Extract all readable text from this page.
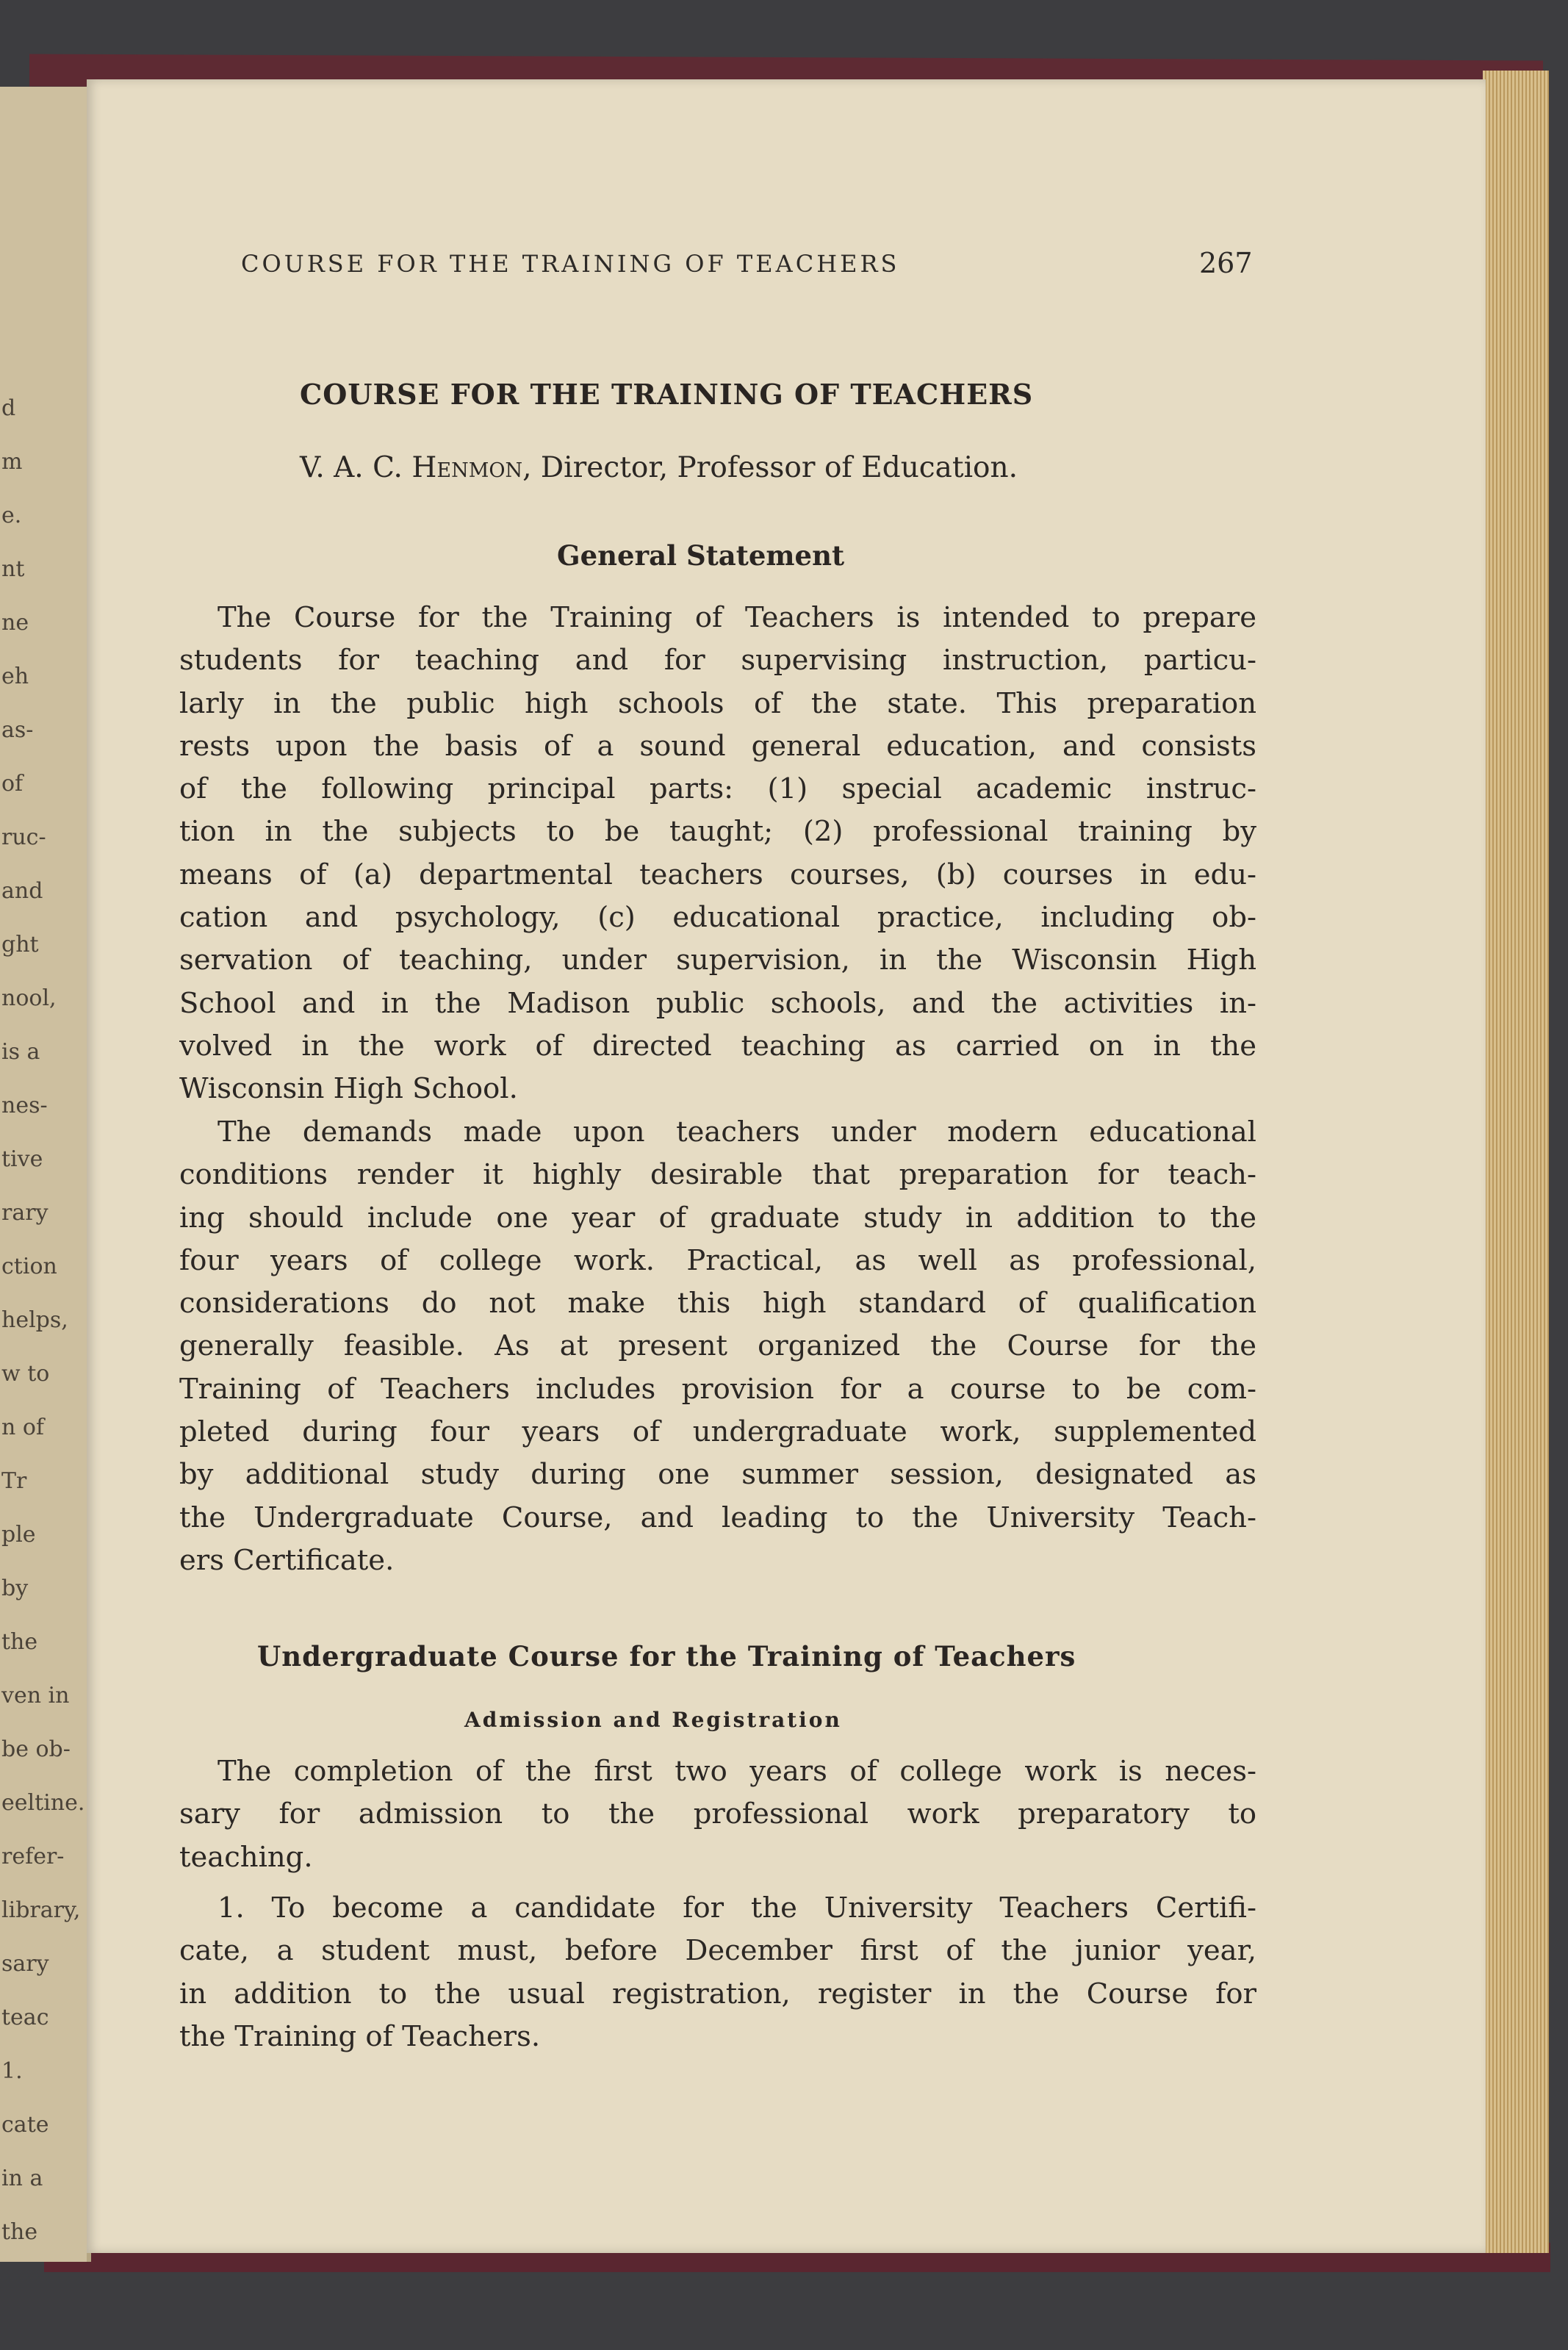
d
m
e.
nt
ne
eh
as-
of
ruc-
and
ght
nool,
is a
nes-
tive
rary
ction
helps,
w to
n of
Tr
ple
by
the
ven in
be ob-
eeltine.
refer-
library,
sary
teac
1.
cate
in a
the
COURSE FOR THE TRAINING OF TEACHERS	267
COURSE FOR THE TRAINING OF TEACHERS
V. A. C. Henmon, Director, Professor of Education.
General Statement
The Course for the Training of Teachers is intended to prepare
students for teaching and for supervising instruction, particu-
larly in the public high schools of the state. This preparation
rests upon the basis of a sound general education, and consists
of the following principal parts: (1) special academic instruc-
tion in the subjects to be taught; (2) professional training by
means of (a) departmental teachers courses, (b) courses in edu-
cation and psychology, (c) educational practice, including ob-
servation of teaching, under supervision, in the Wisconsin High
School and in the Madison public schools, and the activities in-
volved in the work of directed teaching as carried on in the
Wisconsin High School.
The demands made upon teachers under modern educational
conditions render it highly desirable that preparation for teach-
ing should include one year of graduate study in addition to the
four years of college work. Practical, as well as professional,
considerations do not make this high standard of qualification
generally feasible. As at present organized the Course for the
Training of Teachers includes provision for a course to be com-
pleted during four years of undergraduate work, supplemented
by additional study during one summer session, designated as
the Undergraduate Course, and leading to the University Teach-
ers Certificate.
Undergraduate Course for the Training of Teachers
Admission and Registration
The completion of the first two years of college work is neces-
sary for admission to the professional work preparatory to
teaching.
1. To become a candidate for the University Teachers Certifi-
cate, a student must, before December first of the junior year,
in addition to the usual registration, register in the Course for
the Training of Teachers.
